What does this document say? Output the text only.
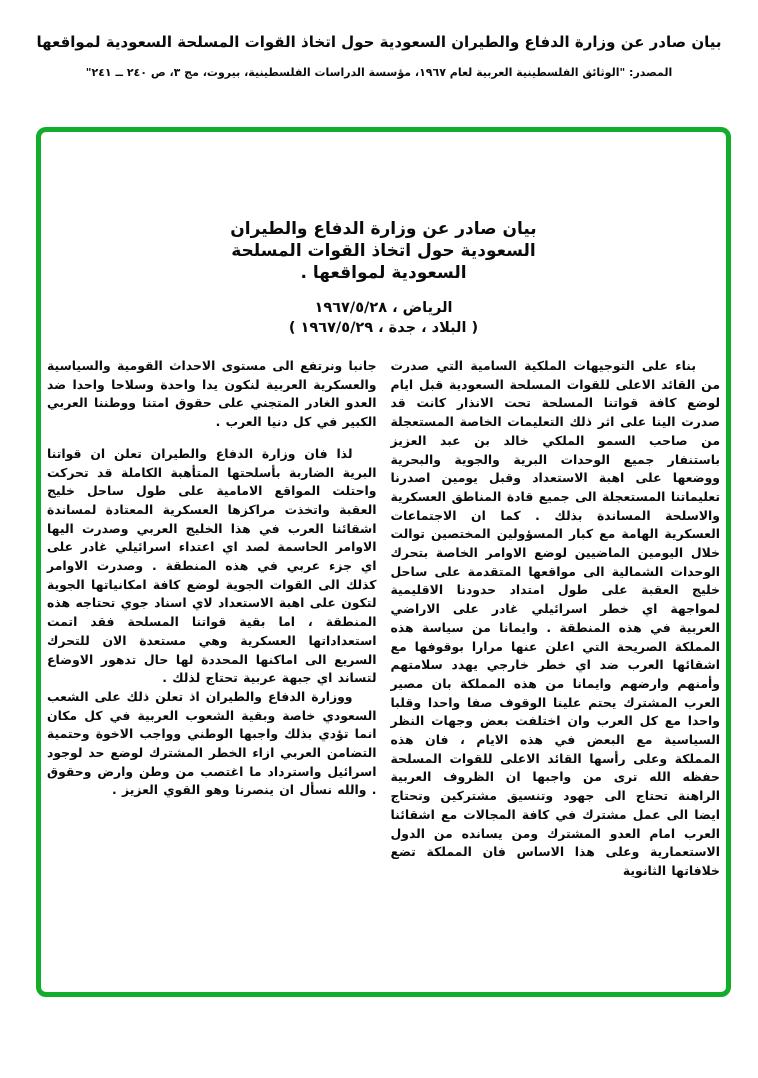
بيان صادر عن وزارة الدفاع والطيران السعودية حول اتخاذ القوات المسلحة السعودية لمواقعها
المصدر: "الوثائق الفلسطينية العربية لعام ١٩٦٧، مؤسسة الدراسات الفلسطينية، بيروت، مج ٣، ص ٢٤٠ ــ ٢٤١"
بيان صادر عن وزارة الدفاع والطيران
السعودية حول اتخاذ القوات المسلحة
السعودية لمواقعها .
الرياض ، ١٩٦٧/٥/٢٨
( البلاد ، جدة ، ١٩٦٧/٥/٢٩ )

بناء على التوجيهات الملكية السامية التي صدرت من القائد الاعلى للقوات المسلحة السعودية قبل ايام لوضع كافة قواتنا المسلحة تحت الانذار كانت قد صدرت الينا على اثر ذلك التعليمات الخاصة المستعجلة من صاحب السمو الملكي خالد بن عبد العزيز باستنفار جميع الوحدات البرية والجوية والبحرية ووضعها على اهبة الاستعداد وقبل يومين اصدرنا تعليماتنا المستعجلة الى جميع قادة المناطق العسكرية والاسلحة المساندة بذلك . كما ان الاجتماعات العسكرية الهامة مع كبار المسؤولين المختصين توالت خلال اليومين الماضيين لوضع الاوامر الخاصة بتحرك الوحدات الشمالية الى مواقعها المتقدمة على ساحل خليج العقبة على طول امتداد حدودنا الاقليمية لمواجهة اي خطر اسرائيلي غادر على الاراضي العربية في هذه المنطقة . وايمانا من سياسة هذه المملكة الصريحة التي اعلن عنها مرارا بوقوفها مع اشقائها العرب ضد اي خطر خارجي يهدد سلامتهم وأمنهم وارضهم وايمانا من هذه المملكة بان مصير العرب المشترك يحتم علينا الوقوف صفا واحدا وقلبا واحدا مع كل العرب وان اختلفت بعض وجهات النظر السياسية مع البعض في هذه الايام ، فان هذه المملكة وعلى رأسها القائد الاعلى للقوات المسلحة حفظه الله ترى من واجبها ان الظروف العربية الراهنة تحتاج الى جهود وتنسيق مشتركين وتحتاج ايضا الى عمل مشترك في كافة المجالات مع اشقائنا العرب امام العدو المشترك ومن يسانده من الدول الاستعمارية وعلى هذا الاساس فان المملكة تضع خلافاتها الثانوية

جانبا ونرتفع الى مستوى الاحداث القومية والسياسية والعسكرية العربية لنكون يدا واحدة وسلاحا واحدا ضد العدو الغادر المتجني على حقوق امتنا ووطننا العربي الكبير في كل دنيا العرب .

لذا فان وزارة الدفاع والطيران تعلن ان قواتنا البرية الضاربة بأسلحتها المتأهبة الكاملة قد تحركت واحتلت المواقع الامامية على طول ساحل خليج العقبة واتخذت مراكزها العسكرية المعتادة لمساندة اشقائنا العرب في هذا الخليج العربي وصدرت اليها الاوامر الحاسمة لصد اي اعتداء اسرائيلي غادر على اي جزء عربي في هذه المنطقة . وصدرت الاوامر كذلك الى القوات الجوية لوضع كافة امكانياتها الجوية لتكون على اهبة الاستعداد لاي اسناد جوي تحتاجه هذه المنطقة ، اما بقية قواتنا المسلحة فقد اتمت استعداداتها العسكرية وهي مستعدة الان للتحرك السريع الى اماكنها المحددة لها حال تدهور الاوضاع لتساند اي جبهة عربية تحتاج لذلك .

ووزارة الدفاع والطيران اذ تعلن ذلك على الشعب السعودي خاصة وبقية الشعوب العربية في كل مكان انما تؤدي بذلك واجبها الوطني وواجب الاخوة وحتمية التضامن العربي ازاء الخطر المشترك لوضع حد لوجود اسرائيل واسترداد ما اغتصب من وطن وارض وحقوق . والله نسأل ان ينصرنا وهو القوي العزيز .
